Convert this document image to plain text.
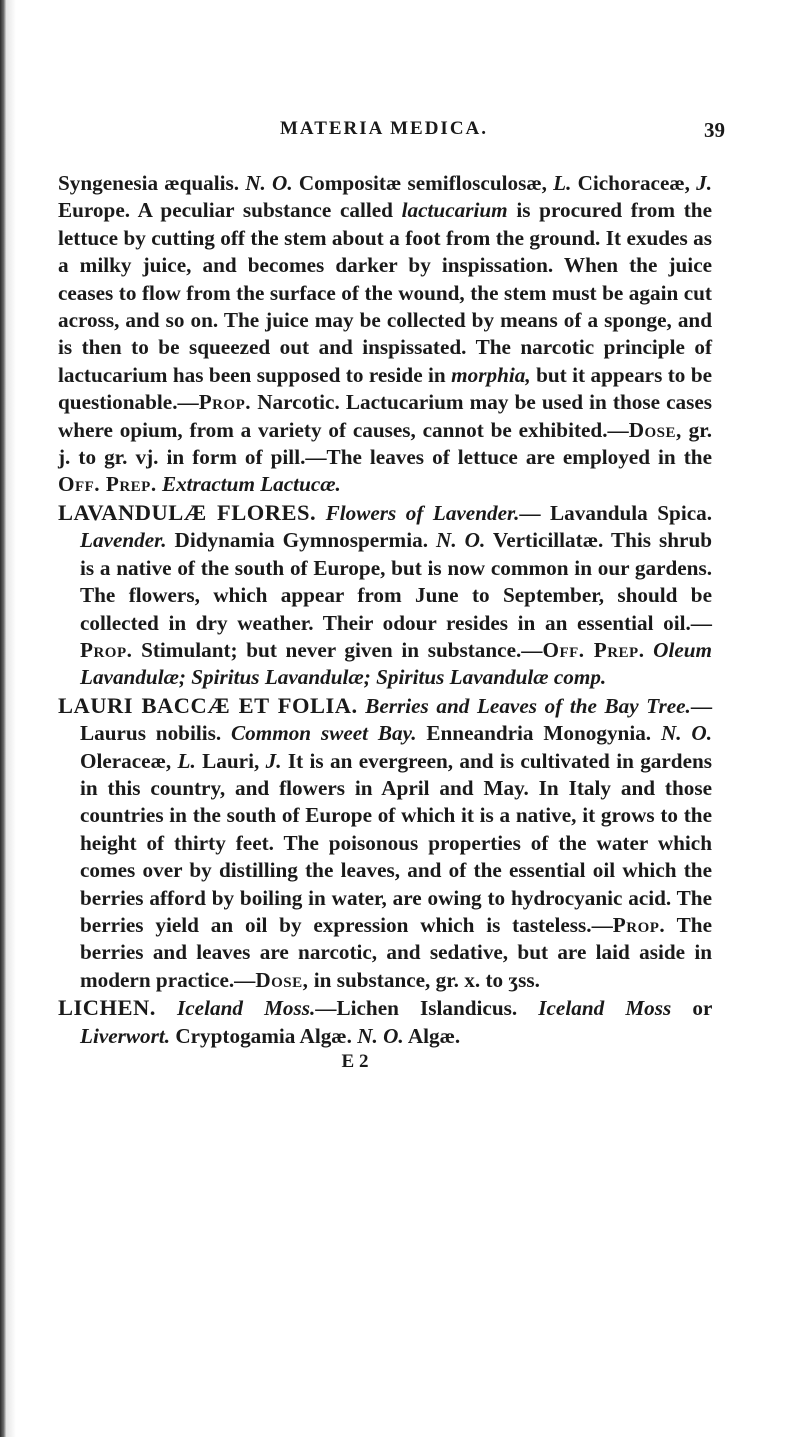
MATERIA MEDICA.	39

Syngenesia æqualis. N. O. Compositæ semiflosculosæ, L. Cichoraceæ, J. Europe. A peculiar substance called lactucarium is procured from the lettuce by cutting off the stem about a foot from the ground. It exudes as a milky juice, and becomes darker by inspissation. When the juice ceases to flow from the surface of the wound, the stem must be again cut across, and so on. The juice may be collected by means of a sponge, and is then to be squeezed out and inspissated. The narcotic principle of lactucarium has been supposed to reside in morphia, but it appears to be questionable.—Prop. Narcotic. Lactucarium may be used in those cases where opium, from a variety of causes, cannot be exhibited.—Dose, gr. j. to gr. vj. in form of pill.—The leaves of lettuce are employed in the Off. Prep. Extractum Lactucæ.

LAVANDULÆ FLORES. Flowers of Lavender.— Lavandula Spica. Lavender. Didynamia Gymnospermia. N. O. Verticillatæ. This shrub is a native of the south of Europe, but is now common in our gardens. The flowers, which appear from June to September, should be collected in dry weather. Their odour resides in an essential oil.—Prop. Stimulant; but never given in substance.—Off. Prep. Oleum Lavandulæ; Spiritus Lavandulæ; Spiritus Lavandulæ comp.

LAURI BACCÆ ET FOLIA. Berries and Leaves of the Bay Tree.—Laurus nobilis. Common sweet Bay. Enneandria Monogynia. N. O. Oleraceæ, L. Lauri, J. It is an evergreen, and is cultivated in gardens in this country, and flowers in April and May. In Italy and those countries in the south of Europe of which it is a native, it grows to the height of thirty feet. The poisonous properties of the water which comes over by distilling the leaves, and of the essential oil which the berries afford by boiling in water, are owing to hydrocyanic acid. The berries yield an oil by expression which is tasteless.—Prop. The berries and leaves are narcotic, and sedative, but are laid aside in modern practice.—Dose, in substance, gr. x. to ʒss.

LICHEN. Iceland Moss.—Lichen Islandicus. Iceland Moss or Liverwort. Cryptogamia Algæ. N. O. Algæ.

E 2
